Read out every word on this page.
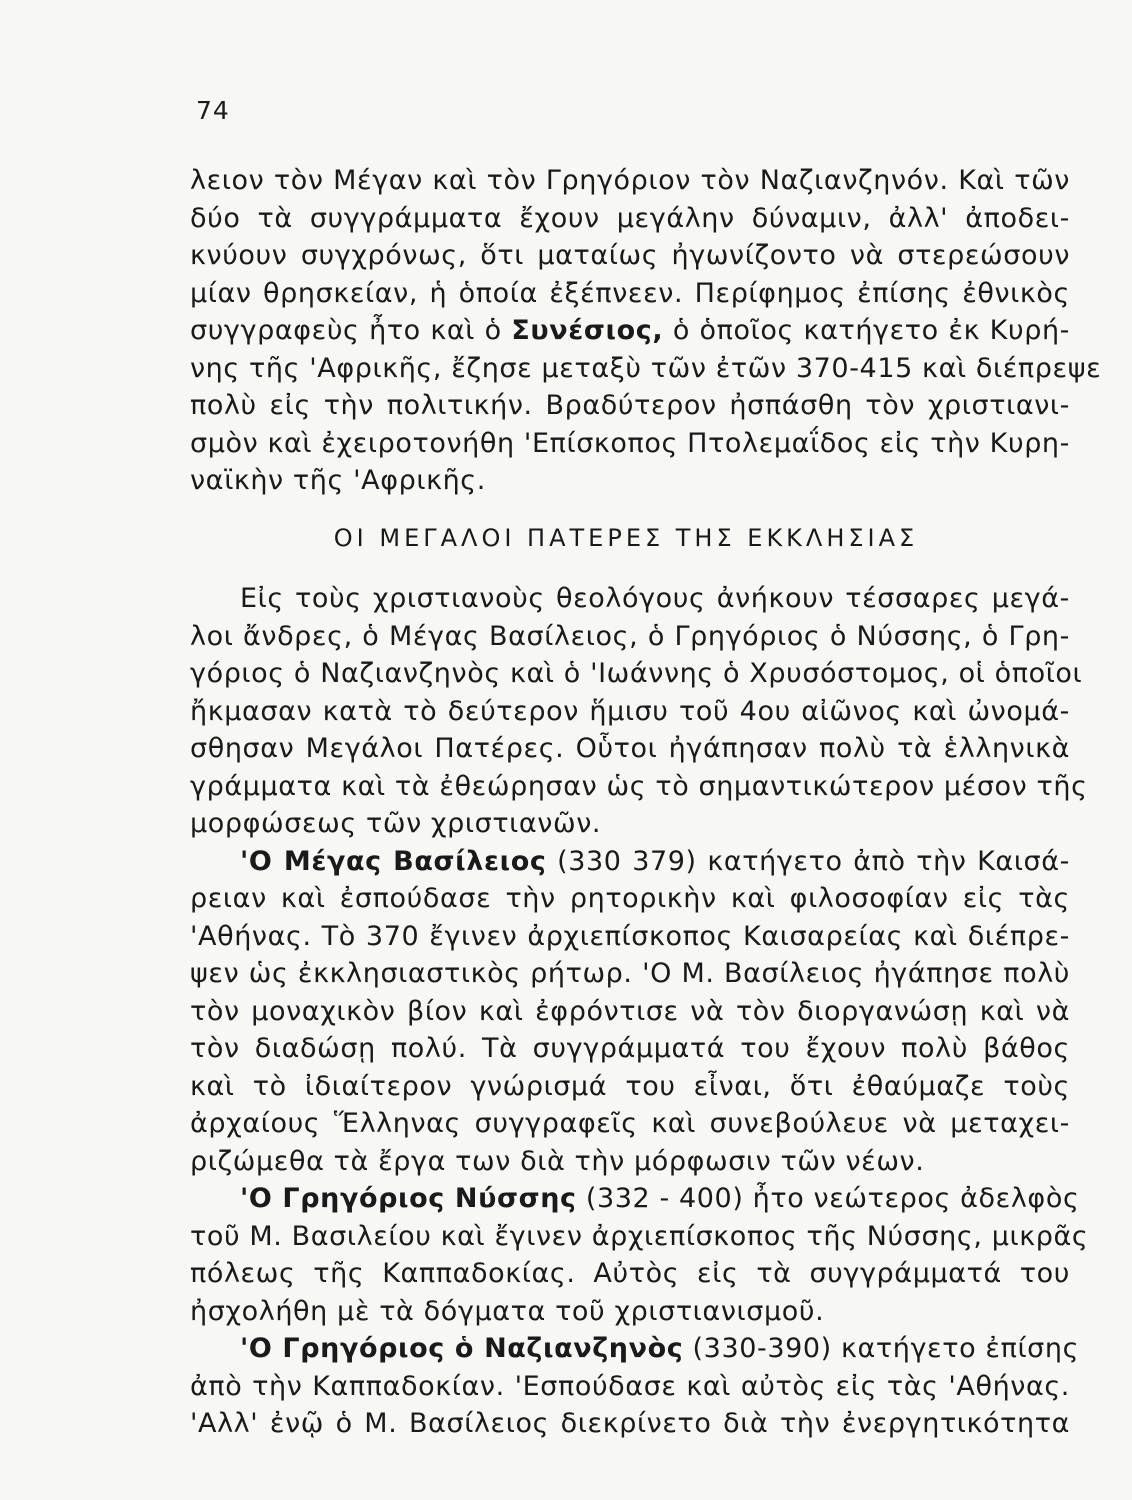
74
λειον τὸν Μέγαν καὶ τὸν Γρηγόριον τὸν Ναζιανζηνόν. Καὶ τῶν
δύο τὰ συγγράμματα ἔχουν μεγάλην δύναμιν, ἀλλ' ἀποδει-
κνύουν συγχρόνως, ὅτι ματαίως ἠγωνίζοντο νὰ στερεώσουν
μίαν θρησκείαν, ἡ ὁποία ἐξέπνεεν. Περίφημος ἐπίσης ἐθνικὸς
συγγραφεὺς ἦτο καὶ ὁ Συνέσιος, ὁ ὁποῖος κατήγετο ἐκ Κυρή-
νης τῆς 'Αφρικῆς, ἔζησε μεταξὺ τῶν ἐτῶν 370-415 καὶ διέπρεψε
πολὺ εἰς τὴν πολιτικήν. Βραδύτερον ἠσπάσθη τὸν χριστιανι-
σμὸν καὶ ἐχειροτονήθη 'Επίσκοπος Πτολεμαΐδος εἰς τὴν Κυρη-
ναϊκὴν τῆς 'Αφρικῆς.
ΟΙ ΜΕΓΑΛΟΙ ΠΑΤΕΡΕΣ ΤΗΣ ΕΚΚΛΗΣΙΑΣ
Εἰς τοὺς χριστιανοὺς θεολόγους ἀνήκουν τέσσαρες μεγά-
λοι ἄνδρες, ὁ Μέγας Βασίλειος, ὁ Γρηγόριος ὁ Νύσσης, ὁ Γρη-
γόριος ὁ Ναζιανζηνὸς καὶ ὁ 'Ιωάννης ὁ Χρυσόστομος, οἱ ὁποῖοι
ἤκμασαν κατὰ τὸ δεύτερον ἥμισυ τοῦ 4ου αἰῶνος καὶ ὠνομά-
σθησαν Μεγάλοι Πατέρες. Οὗτοι ἠγάπησαν πολὺ τὰ ἑλληνικὰ
γράμματα καὶ τὰ ἐθεώρησαν ὡς τὸ σημαντικώτερον μέσον τῆς
μορφώσεως τῶν χριστιανῶν.
'Ο Μέγας Βασίλειος (330 379) κατήγετο ἀπὸ τὴν Καισά-
ρειαν καὶ ἐσπούδασε τὴν ρητορικὴν καὶ φιλοσοφίαν εἰς τὰς
'Αθήνας. Τὸ 370 ἔγινεν ἀρχιεπίσκοπος Καισαρείας καὶ διέπρε-
ψεν ὡς ἐκκλησιαστικὸς ρήτωρ. 'Ο Μ. Βασίλειος ἠγάπησε πολὺ
τὸν μοναχικὸν βίον καὶ ἐφρόντισε νὰ τὸν διοργανώσῃ καὶ νὰ
τὸν διαδώσῃ πολύ. Τὰ συγγράμματά του ἔχουν πολὺ βάθος
καὶ τὸ ἰδιαίτερον γνώρισμά του εἶναι, ὅτι ἐθαύμαζε τοὺς
ἀρχαίους Ἕλληνας συγγραφεῖς καὶ συνεβούλευε νὰ μεταχει-
ριζώμεθα τὰ ἔργα των διὰ τὴν μόρφωσιν τῶν νέων.
'Ο Γρηγόριος Νύσσης (332 - 400) ἦτο νεώτερος ἀδελφὸς
τοῦ Μ. Βασιλείου καὶ ἔγινεν ἀρχιεπίσκοπος τῆς Νύσσης, μικρᾶς
πόλεως τῆς Καππαδοκίας. Αὐτὸς εἰς τὰ συγγράμματά του
ἠσχολήθη μὲ τὰ δόγματα τοῦ χριστιανισμοῦ.
'Ο Γρηγόριος ὁ Ναζιανζηνὸς (330-390) κατήγετο ἐπίσης
ἀπὸ τὴν Καππαδοκίαν. 'Εσπούδασε καὶ αὐτὸς εἰς τὰς 'Αθήνας.
'Αλλ' ἐνῷ ὁ Μ. Βασίλειος διεκρίνετο διὰ τὴν ἐνεργητικότητα
